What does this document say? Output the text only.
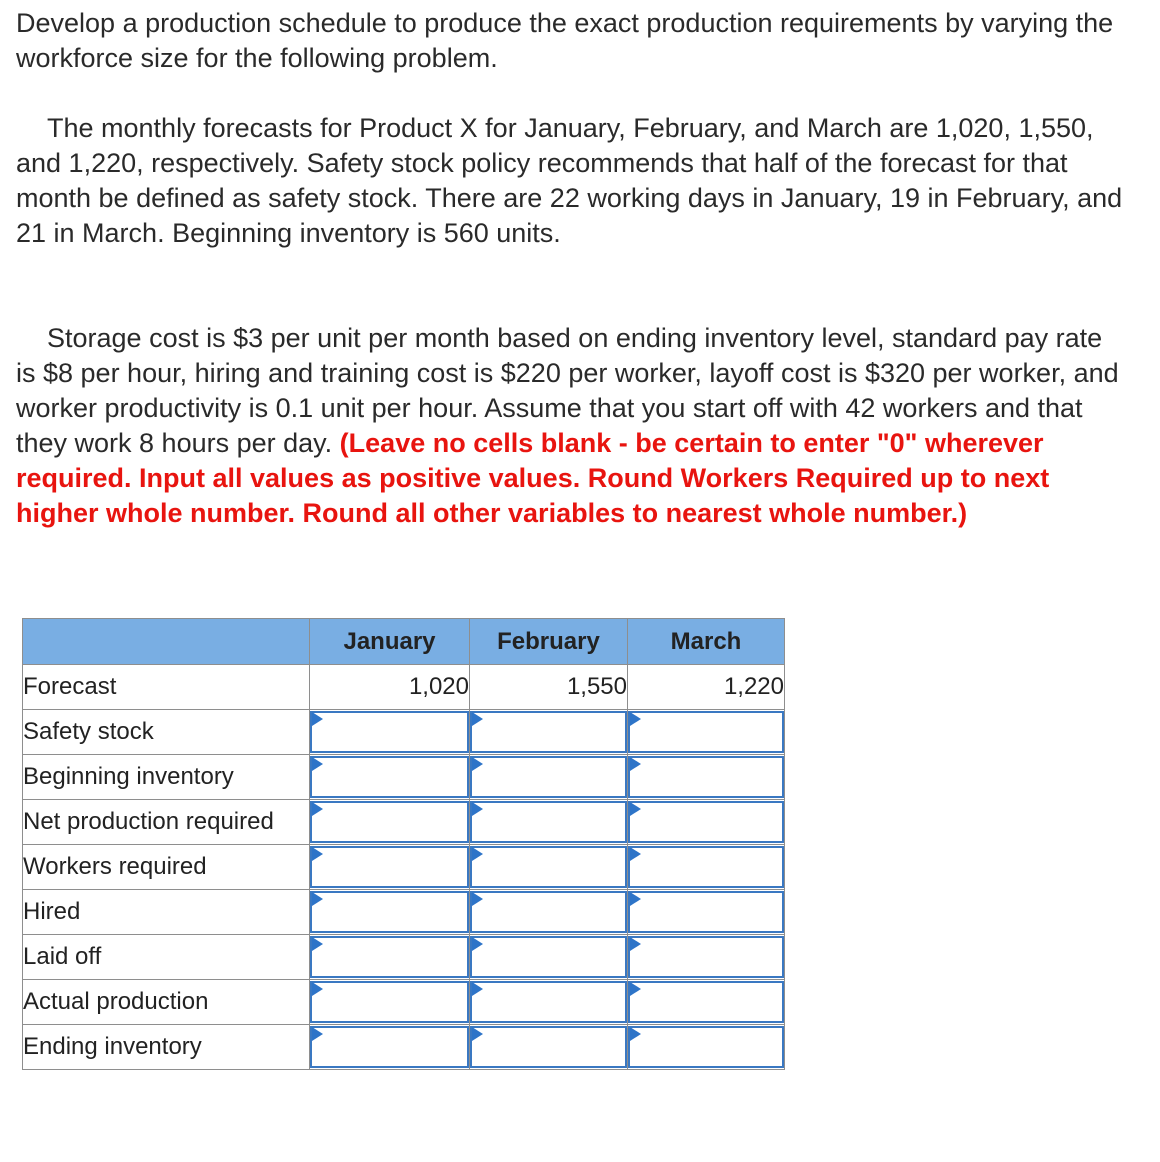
Develop a production schedule to produce the exact production requirements by varying the workforce size for the following problem.

The monthly forecasts for Product X for January, February, and March are 1,020, 1,550, and 1,220, respectively. Safety stock policy recommends that half of the forecast for that month be defined as safety stock. There are 22 working days in January, 19 in February, and 21 in March. Beginning inventory is 560 units.

Storage cost is $3 per unit per month based on ending inventory level, standard pay rate is $8 per hour, hiring and training cost is $220 per worker, layoff cost is $320 per worker, and worker productivity is 0.1 unit per hour. Assume that you start off with 42 workers and that they work 8 hours per day. (Leave no cells blank - be certain to enter "0" wherever required. Input all values as positive values. Round Workers Required up to next higher whole number. Round all other variables to nearest whole number.)

	January	February	March
Forecast	1,020	1,550	1,220
Safety stock	

Beginning inventory	

Net production required	

Workers required	

Hired	

Laid off	

Actual production	

Ending inventory	
